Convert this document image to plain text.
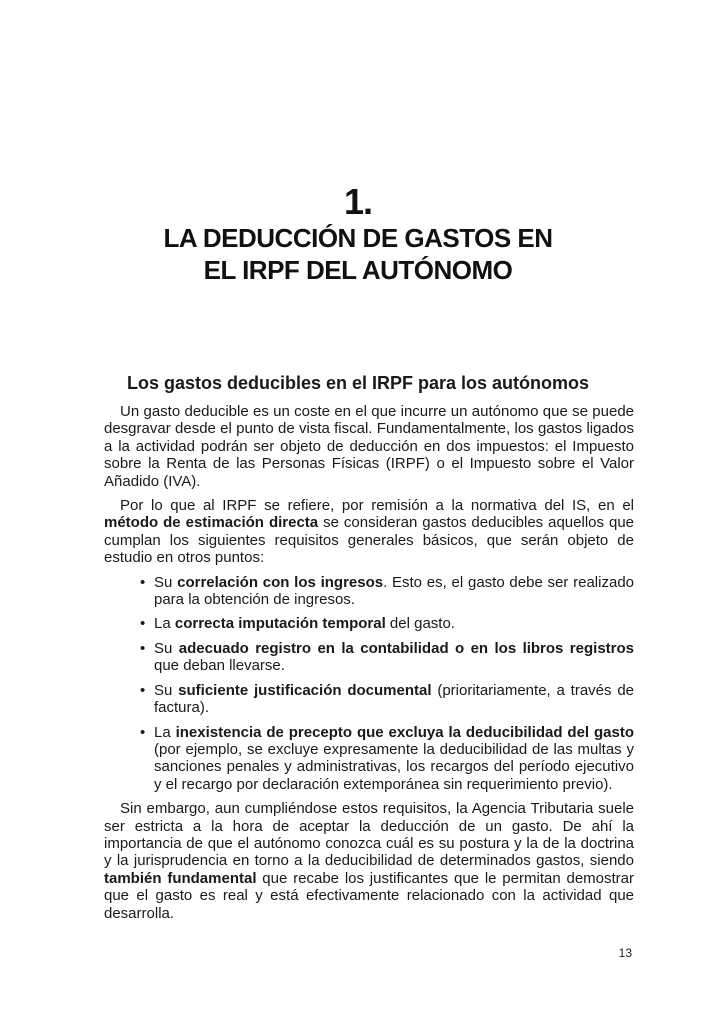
1.
LA DEDUCCIÓN DE GASTOS EN
EL IRPF DEL AUTÓNOMO
Los gastos deducibles en el IRPF para los autónomos

Un gasto deducible es un coste en el que incurre un autónomo que se puede desgravar desde el punto de vista fiscal. Fundamentalmente, los gastos ligados a la actividad podrán ser objeto de deducción en dos impuestos: el Impuesto sobre la Renta de las Personas Físicas (IRPF) o el Impuesto sobre el Valor Añadido (IVA).

Por lo que al IRPF se refiere, por remisión a la normativa del IS, en el método de estimación directa se consideran gastos deducibles aquellos que cumplan los siguientes requisitos generales básicos, que serán objeto de estudio en otros puntos:

• Su correlación con los ingresos. Esto es, el gasto debe ser realizado para la obtención de ingresos.
• La correcta imputación temporal del gasto.
• Su adecuado registro en la contabilidad o en los libros registros que deban llevarse.
• Su suficiente justificación documental (prioritariamente, a través de factura).
• La inexistencia de precepto que excluya la deducibilidad del gasto (por ejemplo, se excluye expresamente la deducibilidad de las multas y sanciones penales y administrativas, los recargos del período ejecutivo y el recargo por declaración extemporánea sin requerimiento previo).

Sin embargo, aun cumpliéndose estos requisitos, la Agencia Tributaria suele ser estricta a la hora de aceptar la deducción de un gasto. De ahí la importancia de que el autónomo conozca cuál es su postura y la de la doctrina y la jurisprudencia en torno a la deducibilidad de determinados gastos, siendo también fundamental que recabe los justificantes que le permitan demostrar que el gasto es real y está efectivamente relacionado con la actividad que desarrolla.

13
